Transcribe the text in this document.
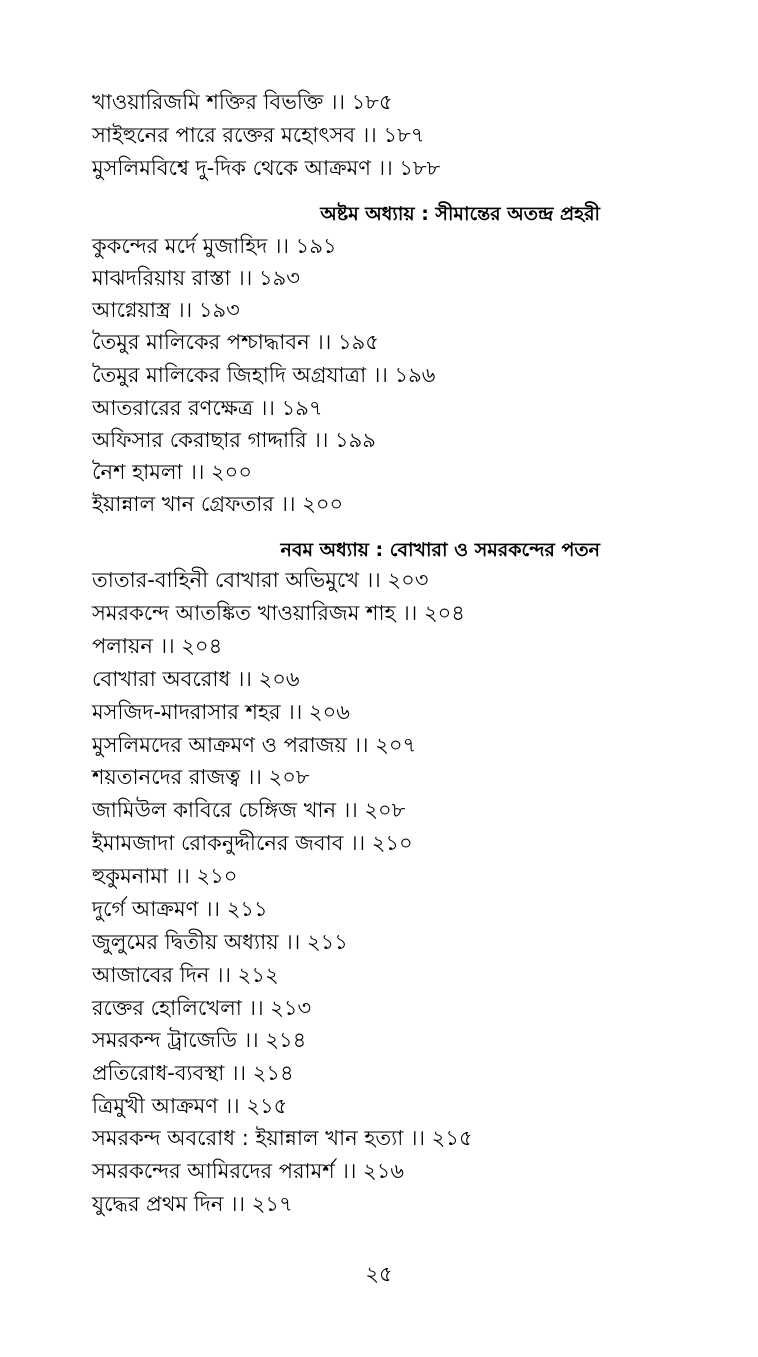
খাওয়ারিজমি শক্তির বিভক্তি ।। ১৮৫
সাইহুনের পারে রক্তের মহোৎসব ।। ১৮৭
মুসলিমবিশ্বে দু-দিক থেকে আক্রমণ ।। ১৮৮
অষ্টম অধ্যায় : সীমান্তের অতন্দ্র প্রহরী
কুকন্দের মর্দে মুজাহিদ ।। ১৯১
মাঝদরিয়ায় রাস্তা ।। ১৯৩
আগ্নেয়াস্ত্র ।। ১৯৩
তৈমুর মালিকের পশ্চাদ্ধাবন ।। ১৯৫
তৈমুর মালিকের জিহাদি অগ্রযাত্রা ।। ১৯৬
আতরারের রণক্ষেত্র ।। ১৯৭
অফিসার কেরাছার গাদ্দারি ।। ১৯৯
নৈশ হামলা ।। ২০০
ইয়ান্নাল খান গ্রেফতার ।। ২০০
নবম অধ্যায় : বোখারা ও সমরকন্দের পতন
তাতার-বাহিনী বোখারা অভিমুখে ।। ২০৩
সমরকন্দে আতঙ্কিত খাওয়ারিজম শাহ ।। ২০৪
পলায়ন ।। ২০৪
বোখারা অবরোধ ।। ২০৬
মসজিদ-মাদরাসার শহর ।। ২০৬
মুসলিমদের আক্রমণ ও পরাজয় ।। ২০৭
শয়তানদের রাজত্ব ।। ২০৮
জামিউল কাবিরে চেঙ্গিজ খান ।। ২০৮
ইমামজাদা রোকনুদ্দীনের জবাব ।। ২১০
হুকুমনামা ।। ২১০
দুর্গে আক্রমণ ।। ২১১
জুলুমের দ্বিতীয় অধ্যায় ।। ২১১
আজাবের দিন ।। ২১২
রক্তের হোলিখেলা ।। ২১৩
সমরকন্দ ট্রাজেডি ।। ২১৪
প্রতিরোধ-ব্যবস্থা ।। ২১৪
ত্রিমুখী আক্রমণ ।। ২১৫
সমরকন্দ অবরোধ : ইয়ান্নাল খান হত্যা ।। ২১৫
সমরকন্দের আমিরদের পরামর্শ ।। ২১৬
যুদ্ধের প্রথম দিন ।। ২১৭
২৫
